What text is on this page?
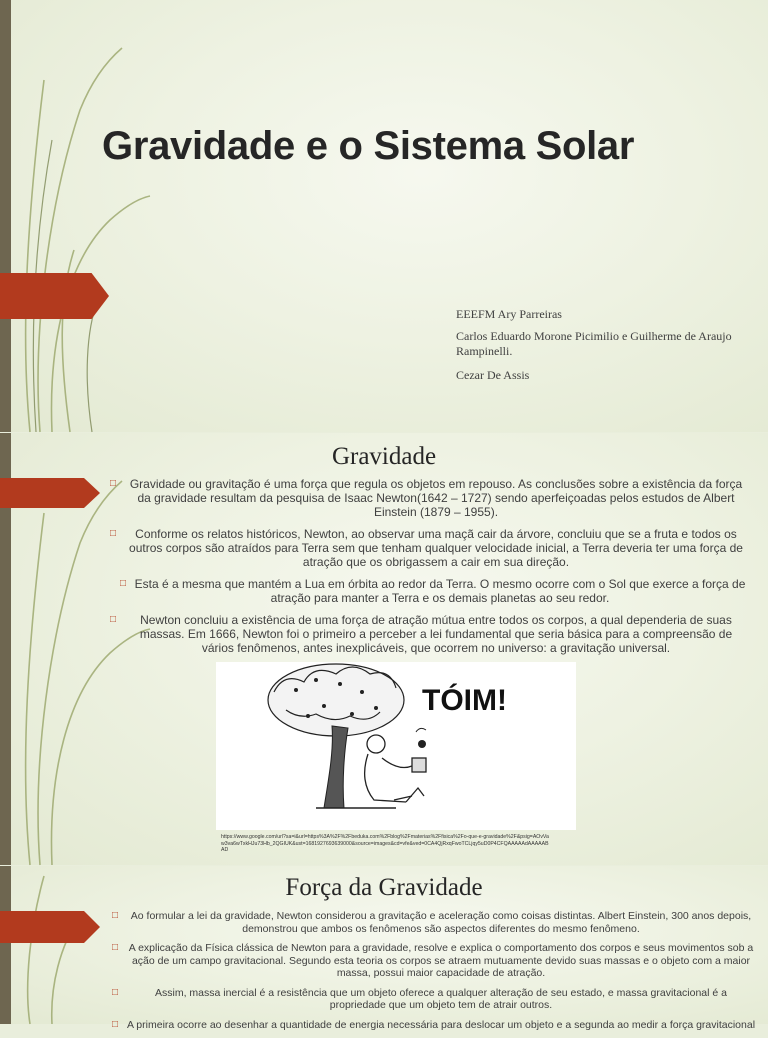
Gravidade e o Sistema Solar
EEEFM Ary Parreiras
Carlos Eduardo Morone Picimilio e Guilherme de Araujo Rampinelli.
Cezar De Assis
Gravidade
□	Gravidade ou gravitação é uma força que regula os objetos em repouso. As conclusões sobre a existência da força da gravidade resultam da pesquisa de Isaac Newton(1642 – 1727) sendo aperfeiçoadas pelos estudos de Albert Einstein (1879 – 1955).
□	Conforme os relatos históricos, Newton, ao observar uma maçã cair da árvore, concluiu que se a fruta e todos os outros corpos são atraídos para Terra sem que tenham qualquer velocidade inicial, a Terra deveria ter uma força de atração que os obrigassem a cair em sua direção.
□ Esta é a mesma que mantém a Lua em órbita ao redor da Terra. O mesmo ocorre com o Sol que exerce a força de atração para manter a Terra e os demais planetas ao seu redor.
□	Newton concluiu a existência de uma força de atração mútua entre todos os corpos, a qual dependeria de suas massas. Em 1666, Newton foi o primeiro a perceber a lei fundamental que seria básica para a compreensão de vários fenômenos, antes inexplicáveis, que ocorrem no universo: a gravitação universal.
TÓIM!
https://www.google.com/url?sa=i&url=https%3A%2F%2Fbeduka.com%2Fblog%2Fmaterias%2Ffisica%2Fo-que-e-gravidade%2F&psig=AOvVaw3va6wTxkHJu73Hb_2QGIUK&ust=1681927693639000&source=images&cd=vfe&ved=0CA4QjRxqFwoTCLjqy5uD0P4CFQAAAAAdAAAAABAD
Força da Gravidade
□	Ao formular a lei da gravidade, Newton considerou a gravitação e aceleração como coisas distintas. Albert Einstein, 300 anos depois, demonstrou que ambos os fenômenos são aspectos diferentes do mesmo fenômeno.
□	A explicação da Física clássica de Newton para a gravidade, resolve e explica o comportamento dos corpos e seus movimentos sob a ação de um campo gravitacional. Segundo esta teoria os corpos se atraem mutuamente devido suas massas e o objeto com a maior massa, possui maior capacidade de atração.
□	Assim, massa inercial é a resistência que um objeto oferece a qualquer alteração de seu estado, e massa gravitacional é a propriedade que um objeto tem de atrair outros.
□ A primeira ocorre ao desenhar a quantidade de energia necessária para deslocar um objeto e a segunda ao medir a força gravitacional
